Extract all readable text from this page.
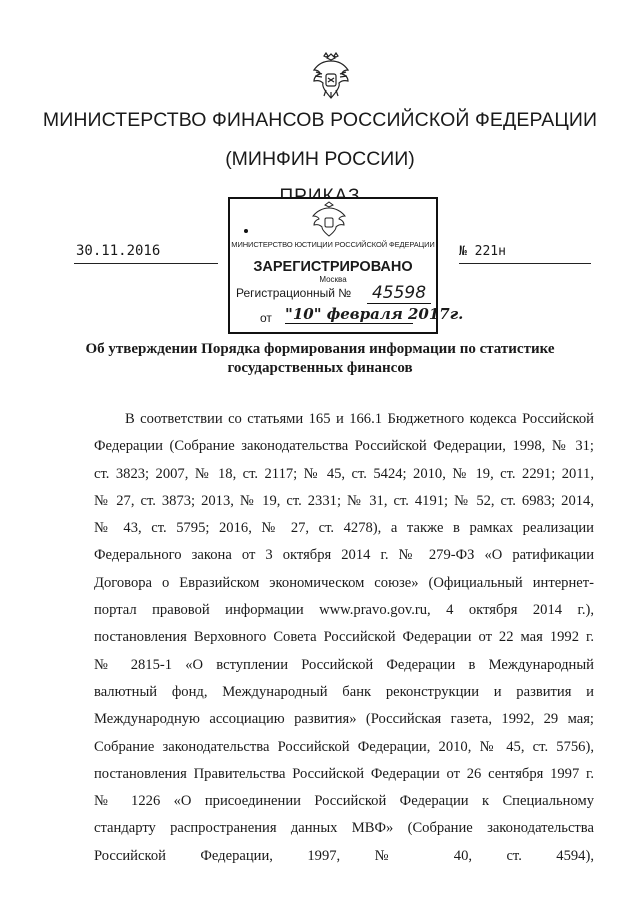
МИНИСТЕРСТВО ФИНАНСОВ РОССИЙСКОЙ ФЕДЕРАЦИИ
(МИНФИН РОССИИ)
30.11.2016	№ 221н
МИНИСТЕРСТВО ЮСТИЦИИ РОССИЙСКОЙ ФЕДЕРАЦИИ
ЗАРЕГИСТРИРОВАНО
Москва
Регистрационный № 45598
от "10" февраля 2017г.
Об утверждении Порядка формирования информации по статистике
государственных финансов
В соответствии со статьями 165 и 166.1 Бюджетного кодекса Российской
Федерации (Собрание законодательства Российской Федерации, 1998, № 31;
ст. 3823; 2007, № 18, ст. 2117; № 45, ст. 5424; 2010, № 19, ст. 2291; 2011,
№ 27, ст. 3873; 2013, № 19, ст. 2331; № 31, ст. 4191; № 52, ст. 6983; 2014,
№ 43, ст. 5795; 2016, № 27, ст. 4278), а также в рамках реализации
Федерального закона от 3 октября 2014 г. № 279-ФЗ «О ратификации
Договора о Евразийском экономическом союзе» (Официальный интернет-
портал правовой информации www.pravo.gov.ru, 4 октября 2014 г.),
постановления Верховного Совета Российской Федерации от 22 мая 1992 г.
№ 2815-1 «О вступлении Российской Федерации в Международный
валютный фонд, Международный банк реконструкции и развития и
Международную ассоциацию развития» (Российская газета, 1992, 29 мая;
Собрание законодательства Российской Федерации, 2010, № 45, ст. 5756),
постановления Правительства Российской Федерации от 26 сентября 1997 г.
№ 1226 «О присоединении Российской Федерации к Специальному
стандарту распространения данных МВФ» (Собрание законодательства
Российской Федерации, 1997, № 40, ст. 4594),
